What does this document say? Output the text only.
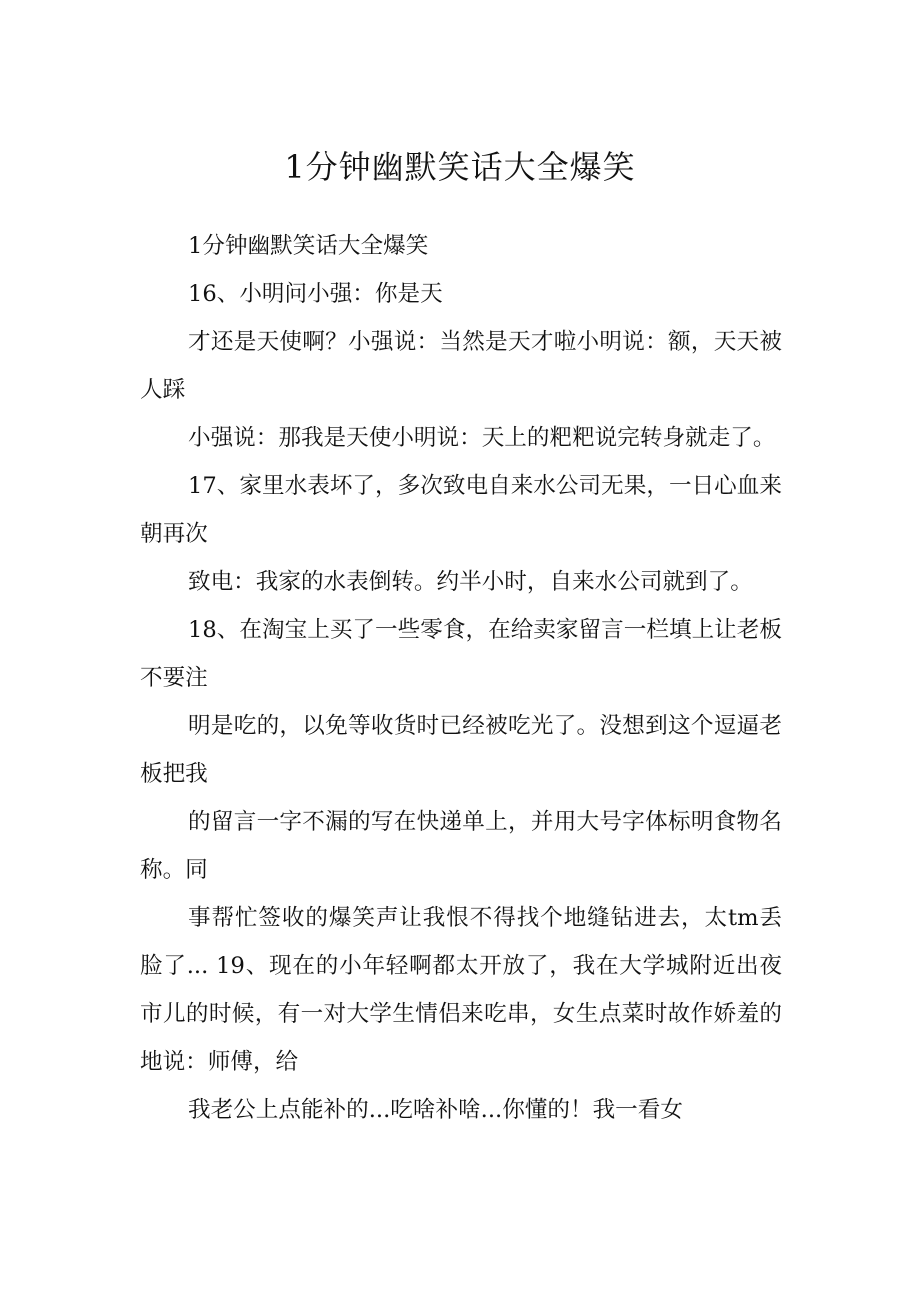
1分钟幽默笑话大全爆笑

1分钟幽默笑话大全爆笑

16、小明问小强：你是天

才还是天使啊？小强说：当然是天才啦小明说：额，天天被人踩

小强说：那我是天使小明说：天上的粑粑说完转身就走了。

17、家里水表坏了，多次致电自来水公司无果，一日心血来朝再次

致电：我家的水表倒转。约半小时，自来水公司就到了。

18、在淘宝上买了一些零食，在给卖家留言一栏填上让老板不要注

明是吃的，以免等收货时已经被吃光了。没想到这个逗逼老板把我

的留言一字不漏的写在快递单上，并用大号字体标明食物名称。同

事帮忙签收的爆笑声让我恨不得找个地缝钻进去，太tm丢脸了... 19、现在的小年轻啊都太开放了，我在大学城附近出夜市儿的时候，有一对大学生情侣来吃串，女生点菜时故作娇羞的地说：师傅，给

我老公上点能补的...吃啥补啥...你懂的！我一看女
